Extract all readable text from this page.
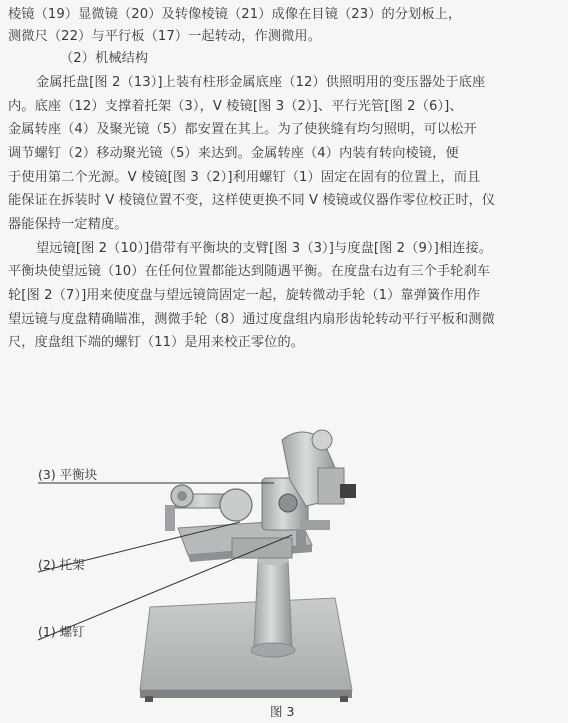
棱镜（19）显微镜（20）及转像棱镜（21）成像在目镜（23）的分划板上，
测微尺（22）与平行板（17）一起转动，作测微用。
（2）机械结构
金属托盘[图 2（13）]上装有柱形金属底座（12）供照明用的变压器处于底座
内。底座（12）支撑着托架（3），V 棱镜[图 3（2）]、平行光管[图 2（6）]、
金属转座（4）及聚光镜（5）都安置在其上。为了使狭缝有均匀照明，可以松开
调节螺钉（2）移动聚光镜（5）来达到。金属转座（4）内装有转向棱镜，便
于使用第二个光源。V 棱镜[图 3（2）]利用螺钉（1）固定在固有的位置上，而且
能保证在拆装时 V 棱镜位置不变，这样使更换不同 V 棱镜或仪器作零位校正时，仪
器能保持一定精度。
望远镜[图 2（10）]借带有平衡块的支臂[图 3（3）]与度盘[图 2（9）]相连接。
平衡块使望远镜（10）在任何位置都能达到随遇平衡。在度盘右边有三个手轮刹车
轮[图 2（7）]用来使度盘与望远镜筒固定一起，旋转微动手轮（1）靠弹簧作用作
望远镜与度盘精确瞄准，测微手轮（8）通过度盘组内扇形齿轮转动平行平板和测微
尺，度盘组下端的螺钉（11）是用来校正零位的。
(3) 平衡块
(2) 托架
(1) 螺钉
图 3
